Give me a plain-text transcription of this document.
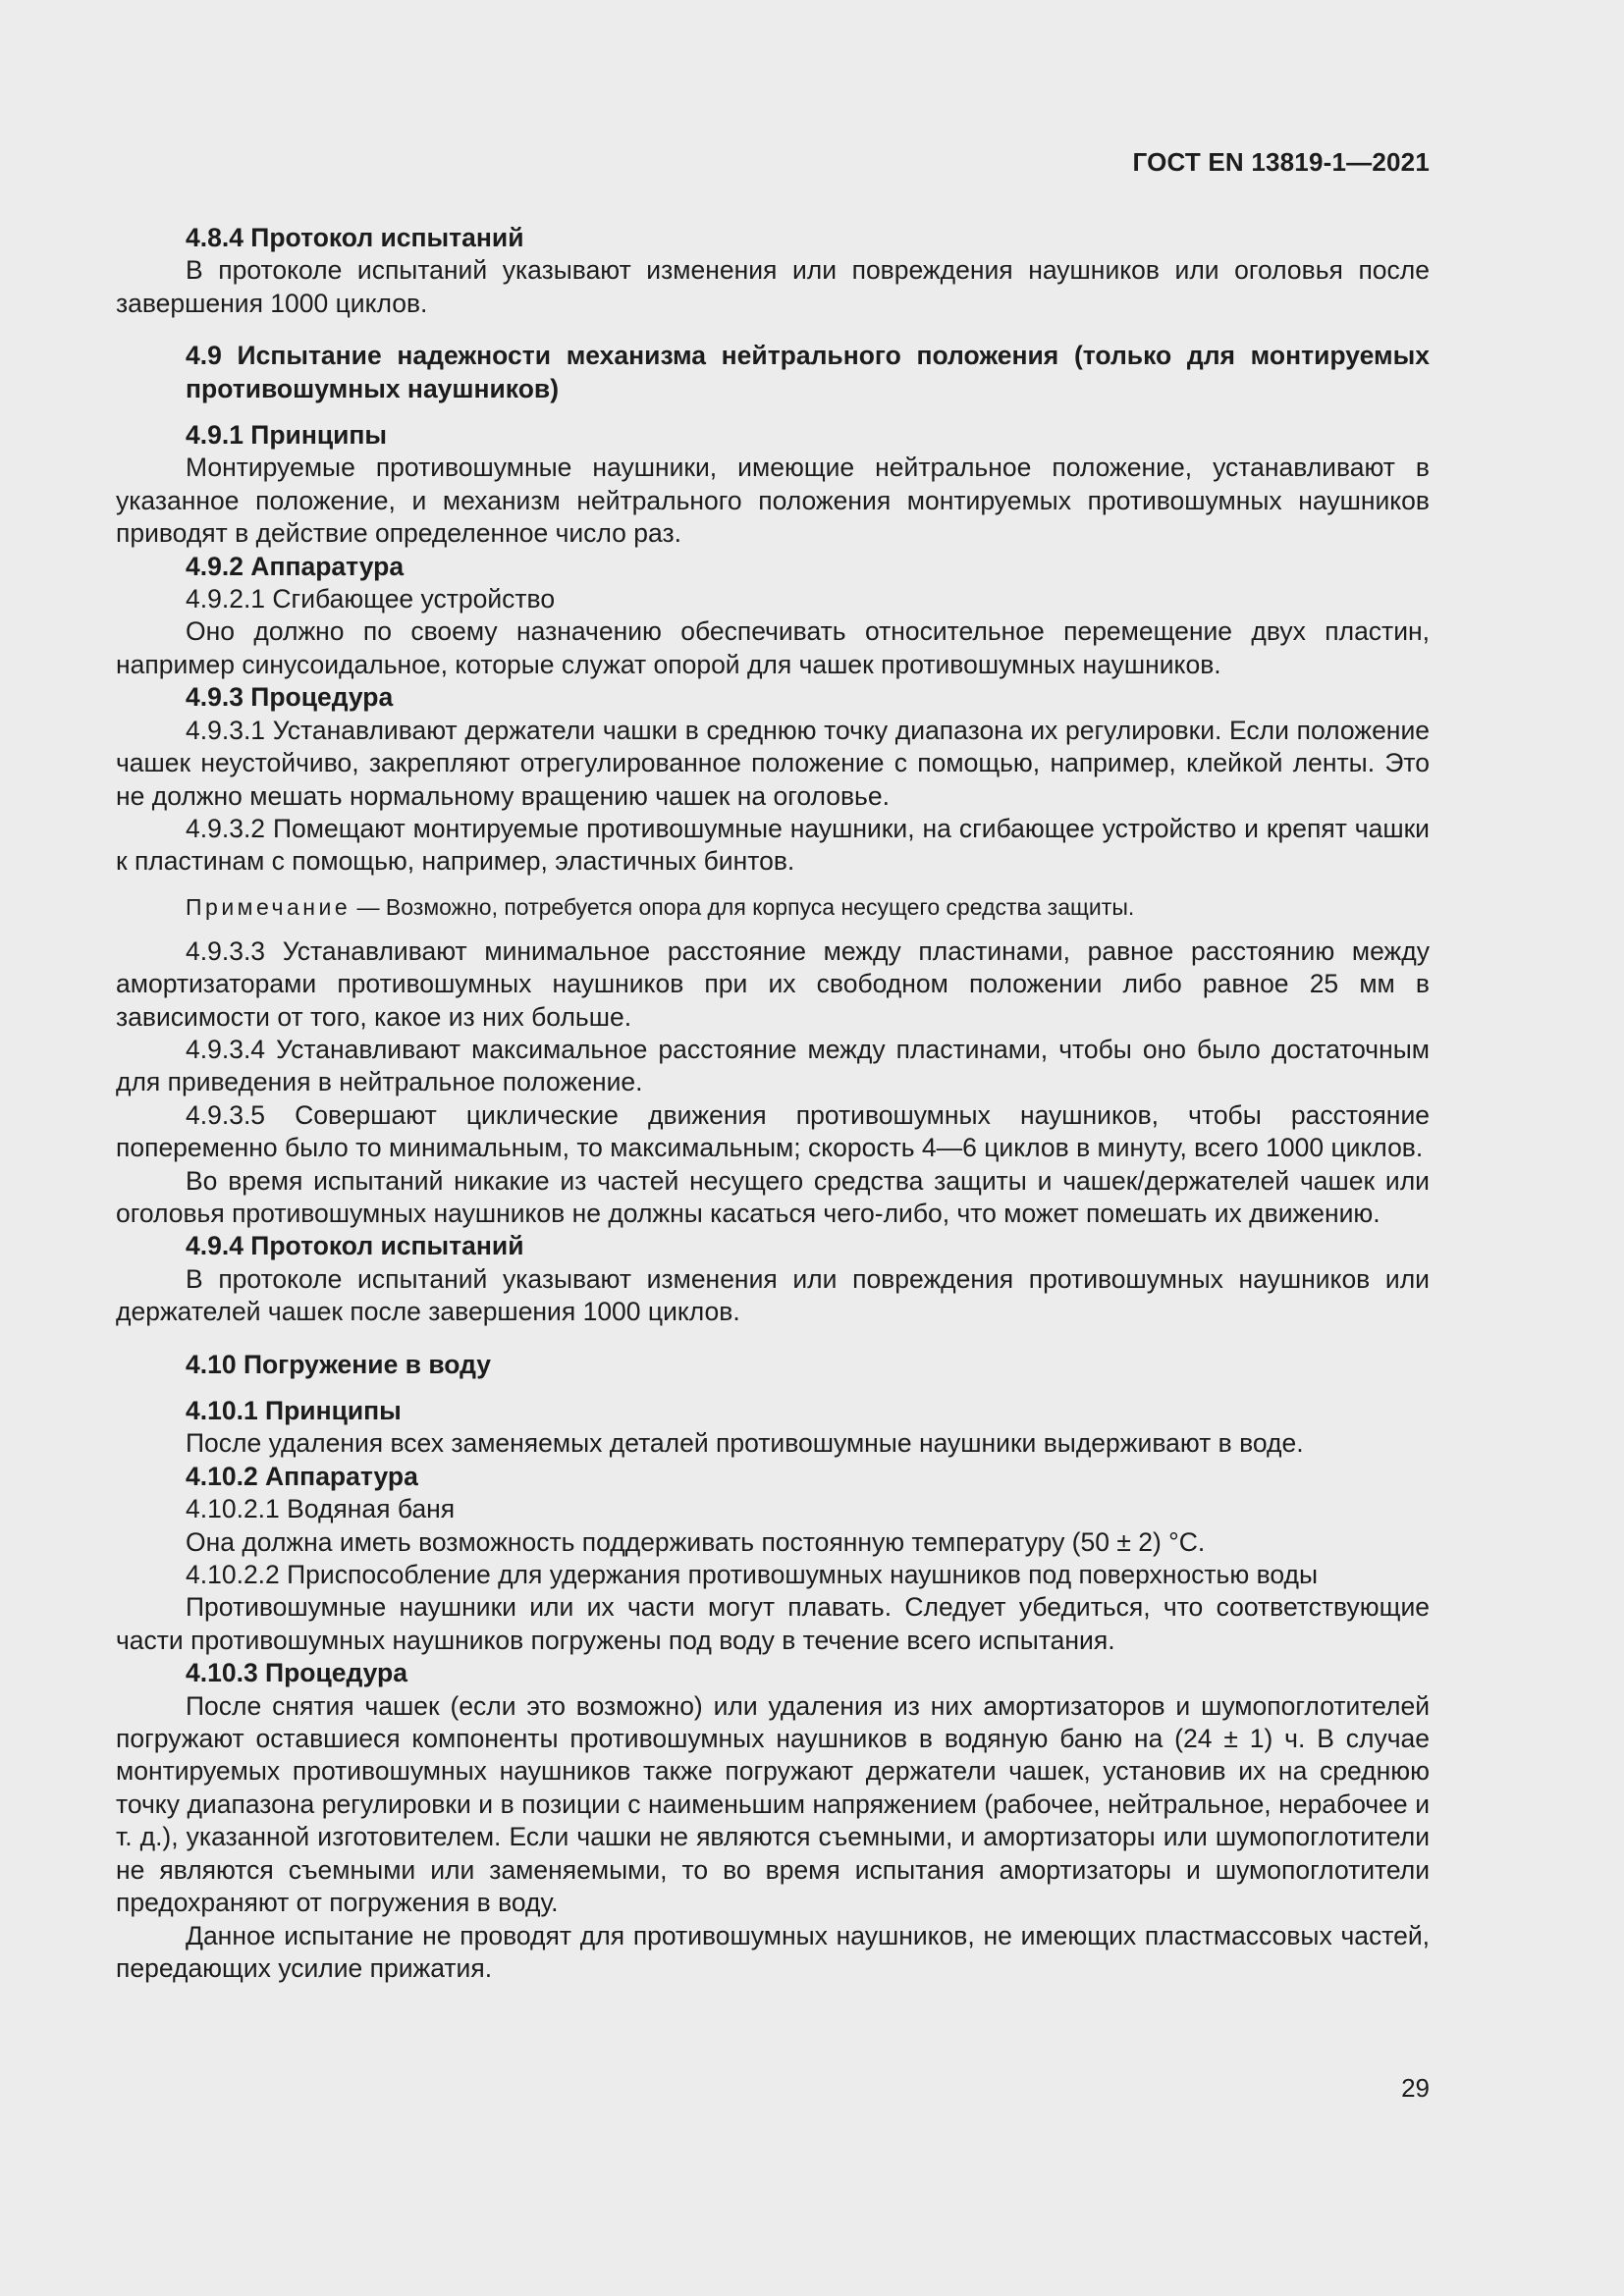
ГОСТ EN 13819-1—2021
4.8.4 Протокол испытаний

В протоколе испытаний указывают изменения или повреждения наушников или оголовья после завершения 1000 циклов.

4.9 Испытание надежности механизма нейтрального положения (только для монтируемых противошумных наушников)
4.9.1 Принципы

Монтируемые противошумные наушники, имеющие нейтральное положение, устанавливают в указанное положение, и механизм нейтрального положения монтируемых противошумных наушников приводят в действие определенное число раз.

4.9.2 Аппаратура
4.9.2.1 Сгибающее устройство

Оно должно по своему назначению обеспечивать относительное перемещение двух пластин, например синусоидальное, которые служат опорой для чашек противошумных наушников.

4.9.3 Процедура

4.9.3.1 Устанавливают держатели чашки в среднюю точку диапазона их регулировки. Если положение чашек неустойчиво, закрепляют отрегулированное положение с помощью, например, клейкой ленты. Это не должно мешать нормальному вращению чашек на оголовье.

4.9.3.2 Помещают монтируемые противошумные наушники, на сгибающее устройство и крепят чашки к пластинам с помощью, например, эластичных бинтов.

Примечание — Возможно, потребуется опора для корпуса несущего средства защиты.

4.9.3.3 Устанавливают минимальное расстояние между пластинами, равное расстоянию между амортизаторами противошумных наушников при их свободном положении либо равное 25 мм в зависимости от того, какое из них больше.

4.9.3.4 Устанавливают максимальное расстояние между пластинами, чтобы оно было достаточным для приведения в нейтральное положение.

4.9.3.5 Совершают циклические движения противошумных наушников, чтобы расстояние попеременно было то минимальным, то максимальным; скорость 4—6 циклов в минуту, всего 1000 циклов.

Во время испытаний никакие из частей несущего средства защиты и чашек/держателей чашек или оголовья противошумных наушников не должны касаться чего-либо, что может помешать их движению.

4.9.4 Протокол испытаний

В протоколе испытаний указывают изменения или повреждения противошумных наушников или держателей чашек после завершения 1000 циклов.

4.10 Погружение в воду
4.10.1 Принципы

После удаления всех заменяемых деталей противошумные наушники выдерживают в воде.

4.10.2 Аппаратура
4.10.2.1 Водяная баня

Она должна иметь возможность поддерживать постоянную температуру (50 ± 2) °С.

4.10.2.2 Приспособление для удержания противошумных наушников под поверхностью воды

Противошумные наушники или их части могут плавать. Следует убедиться, что соответствующие части противошумных наушников погружены под воду в течение всего испытания.

4.10.3 Процедура

После снятия чашек (если это возможно) или удаления из них амортизаторов и шумопоглотителей погружают оставшиеся компоненты противошумных наушников в водяную баню на (24 ± 1) ч. В случае монтируемых противошумных наушников также погружают держатели чашек, установив их на среднюю точку диапазона регулировки и в позиции с наименьшим напряжением (рабочее, нейтральное, нерабочее и т. д.), указанной изготовителем. Если чашки не являются съемными, и амортизаторы или шумопоглотители не являются съемными или заменяемыми, то во время испытания амортизаторы и шумопоглотители предохраняют от погружения в воду.

Данное испытание не проводят для противошумных наушников, не имеющих пластмассовых частей, передающих усилие прижатия.

29
